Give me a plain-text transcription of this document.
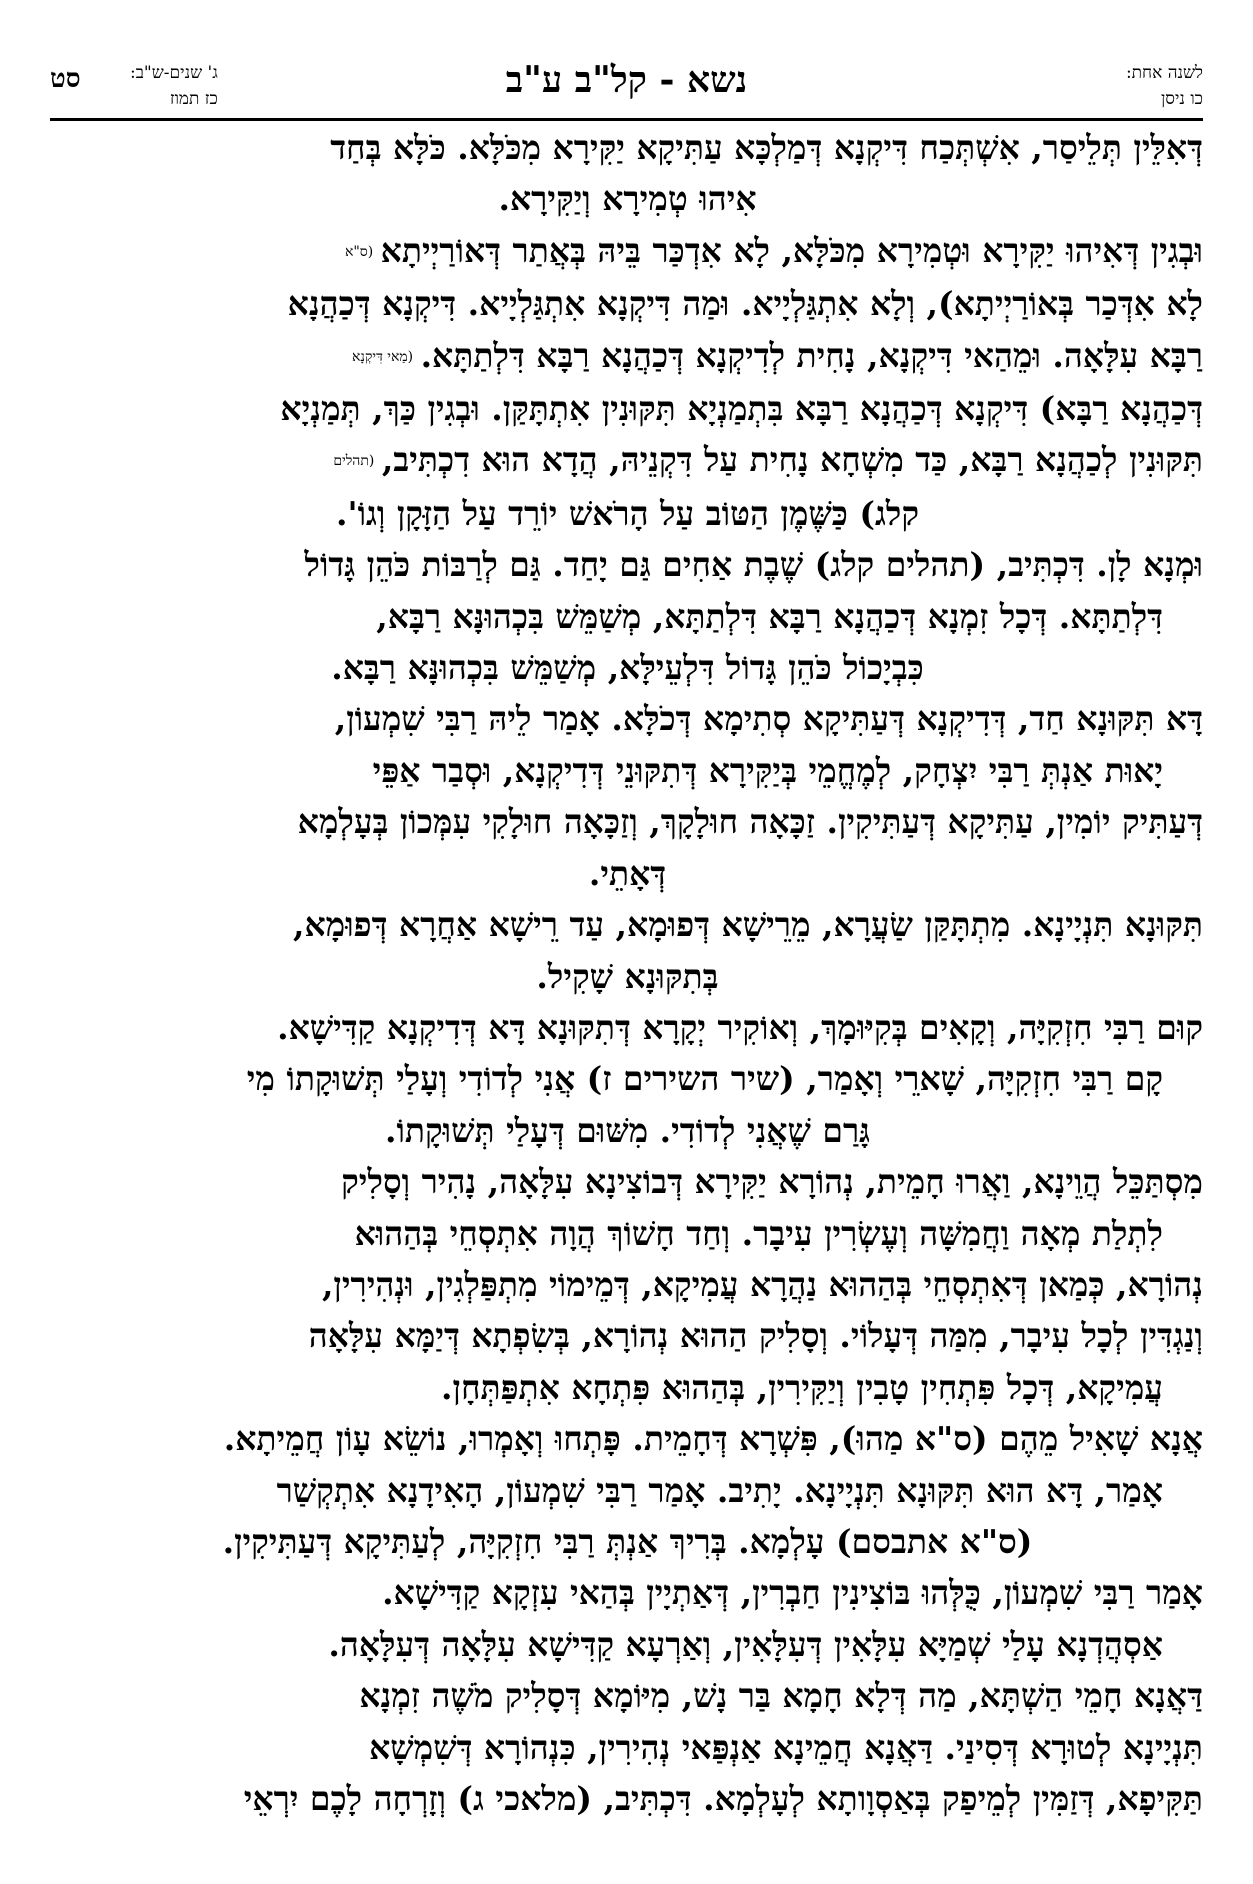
לשנה אחת:
כו ניסן
נשא - קל"ב ע"ב
ג' שנים-ש"ב:
כז תמוז
סט

דְּאִלֵּין תְּלֵיסַר, אִשְׁתְּכַח דִּיקְנָא דְּמַלְכָּא עַתִּיקָא יַקִּירָא מִכֹּלָּא. כֹּלָּא בְּחַד

אִיהוּ טְמִירָא וְיַקִּירָא.

וּבְגִין דְּאִיהוּ יַקִּירָא וּטְמִירָא מִכֹּלָּא, לָא אִדְכַּר בֵּיהּ בְּאֲתַר דְּאוֹרַיְיתָא (ס"א

לָא אִדְּכַר בְּאוֹרַיְיתָא), וְלָא אִתְגַּלְיָיא. וּמַה דִּיקְנָא אִתְגַּלְיָיא. דִּיקְנָא דְּכַהֲנָא

רַבָּא עִלָּאָה. וּמֵהַאי דִּיקְנָא, נָחִית לְדִיקְנָא דְּכַהֲנָא רַבָּא דִּלְתַתָּא. (מַאי דִּיקְנָא

דְּכַהֲנָא רַבָּא) דִּיקְנָא דְּכַהֲנָא רַבָּא בִּתְמַנְיָא תִּקּוּנִין אִתְתָּקַּן. וּבְגִין כַּךְ, תְּמַנְיָא

תִּקּוּנִין לְכַהֲנָא רַבָּא, כַּד מִשְׁחָא נָחִית עַל דִּקְנֵיהּ, הֲדָא הוּא דִכְתִּיב, (תהלים

קלג) כַּשֶּׁמֶן הַטּוֹב עַל הָרֹאשׁ יוֹרֵד עַל הַזָּקָן וְגוֹ'.

וּמְנָא לָן. דִּכְתִּיב, (תהלים קלג) שֶׁבֶת אַחִים גַּם יָחַד. גַּם לְרַבּוֹת כֹּהֵן גָּדוֹל

דִּלְתַתָּא. דְּכָל זִמְנָא דְּכַהֲנָא רַבָּא דִּלְתַתָּא, מְשַׁמֵּשׁ בִּכְהוּנָּא רַבָּא,

כִּבְיָכוֹל כֹּהֵן גָּדוֹל דִּלְעֵילָּא, מְשַׁמֵּשׁ בִּכְהוּנָּא רַבָּא.

דָּא תִּקּוּנָא חַד, דְּדִיקְנָא דְּעַתִּיקָא סְתִימָא דְּכֹלָּא. אָמַר לֵיהּ רַבִּי שִׁמְעוֹן,

יָאוּת אַנְתְּ רַבִּי יִצְחָק, לְמֶחֱמֵי בְּיַקִּירָא דְּתִקּוּנֵי דְּדִיקְנָא, וּסְבַר אַפֵּי

דְּעַתִּיק יוֹמִין, עַתִּיקָא דְּעַתִּיקִין. זַכָּאָה חוּלָקָךְ, וְזַכָּאָה חוּלָקִי עִמְּכוֹן בְּעָלְמָא

דְּאָתֵי.

תִּקּוּנָא תִּנְיָינָא. מִתְתָּקַּן שַׂעֲרָא, מֵרֵישָׁא דְּפוּמָא, עַד רֵישָׁא אַחֲרָא דְּפוּמָא,

בְּתִקּוּנָא שָׁקִיל.

קוּם רַבִּי חִזְקִיָּה, וְקָאִים בְּקִיּוּמָךְ, וְאוֹקִיר יְקָרָא דְּתִקּוּנָא דָּא דְּדִיקְנָא קַדִּישָׁא.

קָם רַבִּי חִזְקִיָּה, שָׁארֵי וְאָמַר, (שיר השירים ז) אֲנִי לְדוֹדִי וְעָלַי תְּשׁוּקָתוֹ מִי

גָּרַם שֶׁאֲנִי לְדוֹדִי. מִשּׁוּם דְּעָלַי תְּשׁוּקָתוֹ.

מִסְתַּכֵּל הֲוֵינָא, וַאֲרוּ חָמֵית, נְהוֹרָא יַקִּירָא דְּבוֹצִינָא עִלָּאָה, נָהִיר וְסָלִיק

לִתְלַת מְאָה וַחֲמִשָּׁה וְעֶשְׂרִין עִיבָר. וְחַד חָשׁוֹךְ הֲוָה אִתְסְחֵי בְּהַהוּא

נְהוֹרָא, כְּמַאן דְּאִתְסְחֵי בְּהַהוּא נַהֲרָא עֲמִיקָא, דְּמֵימוֹי מִתְפַּלְגִין, וּנְהִירִין,

וְנַגְדִּין לְכָל עִיבָר, מִמַּה דְּעָלוֹי. וְסָלִיק הַהוּא נְהוֹרָא, בְּשִׂפְתָא דְּיַמָּא עִלָּאָה

עֲמִיקָא, דְּכָל פִּתְחִין טָבִין וְיַקִּירִין, בְּהַהוּא פִּתְחָא אִתְפַּתְּחָן.

אֲנָא שָׁאִיל מֵהֶם (ס"א מַהוּ), פִּשְׁרָא דְּחָמֵית. פָּתְחוּ וְאָמְרוּ, נוֹשֵׂא עָוֹן חֲמֵיתָא.

אָמַר, דָּא הוּא תִּקּוּנָא תִּנְיָינָא. יָתִיב. אָמַר רַבִּי שִׁמְעוֹן, הָאִידָנָא אִתְקְשַׁר

(ס"א אתבסם) עָלְמָא. בְּרִיךְ אַנְתְּ רַבִּי חִזְקִיָּה, לְעַתִּיקָא דְּעַתִּיקִין.

אָמַר רַבִּי שִׁמְעוֹן, כֻּלְּהוּ בּוֹצִינִין חַבְרִין, דְּאַתְיָין בְּהַאי עִזְקָא קַדִּישָׁא.

אַסְהֲדְנָא עָלַי שְׁמַיָּא עִלָּאִין דְּעִלָּאִין, וְאַרְעָא קַדִּישָׁא עִלָּאָה דְּעִלָּאָה.

דַּאֲנָא חָמֵי הַשְׁתָּא, מַה דְּלָא חָמָא בַּר נָשׁ, מִיּוֹמָא דְּסָלִיק מֹשֶׁה זִמְנָא

תִּנְיָינָא לְטוּרָא דְּסִינַי. דַּאֲנָא חֲמֵינָא אַנְפַּאי נְהִירִין, כִּנְהוֹרָא דְּשִׁמְשָׁא

תַּקִּיפָא, דְּזַמִּין לְמֵיפַק בְּאַסְוָותָא לְעָלְמָא. דִּכְתִּיב, (מלאכי ג) וְזָרְחָה לָכֶם יִרְאֵי
